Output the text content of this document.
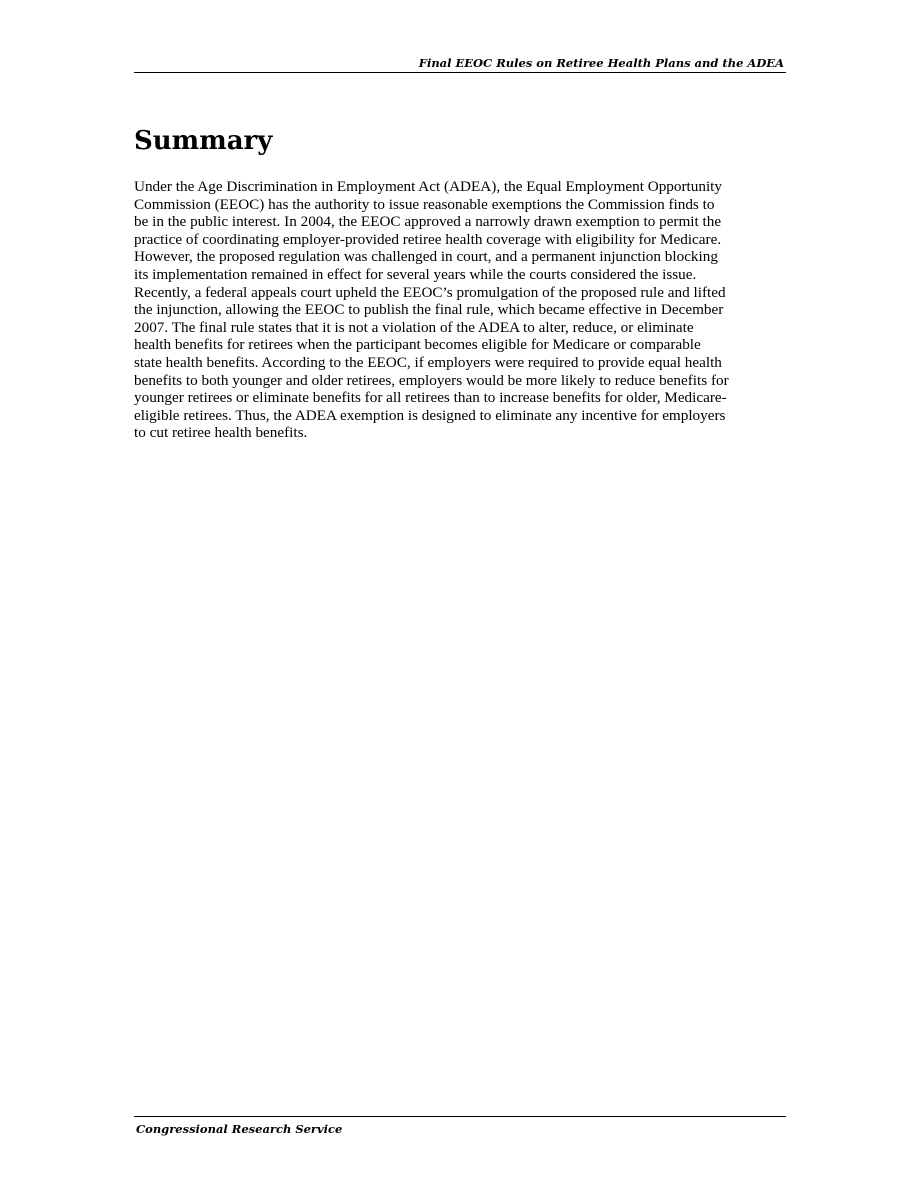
Final EEOC Rules on Retiree Health Plans and the ADEA
Summary

Under the Age Discrimination in Employment Act (ADEA), the Equal Employment Opportunity
Commission (EEOC) has the authority to issue reasonable exemptions the Commission finds to
be in the public interest. In 2004, the EEOC approved a narrowly drawn exemption to permit the
practice of coordinating employer-provided retiree health coverage with eligibility for Medicare.
However, the proposed regulation was challenged in court, and a permanent injunction blocking
its implementation remained in effect for several years while the courts considered the issue.
Recently, a federal appeals court upheld the EEOC’s promulgation of the proposed rule and lifted
the injunction, allowing the EEOC to publish the final rule, which became effective in December
2007. The final rule states that it is not a violation of the ADEA to alter, reduce, or eliminate
health benefits for retirees when the participant becomes eligible for Medicare or comparable
state health benefits. According to the EEOC, if employers were required to provide equal health
benefits to both younger and older retirees, employers would be more likely to reduce benefits for
younger retirees or eliminate benefits for all retirees than to increase benefits for older, Medicare-
eligible retirees. Thus, the ADEA exemption is designed to eliminate any incentive for employers
to cut retiree health benefits.

Congressional Research Service
